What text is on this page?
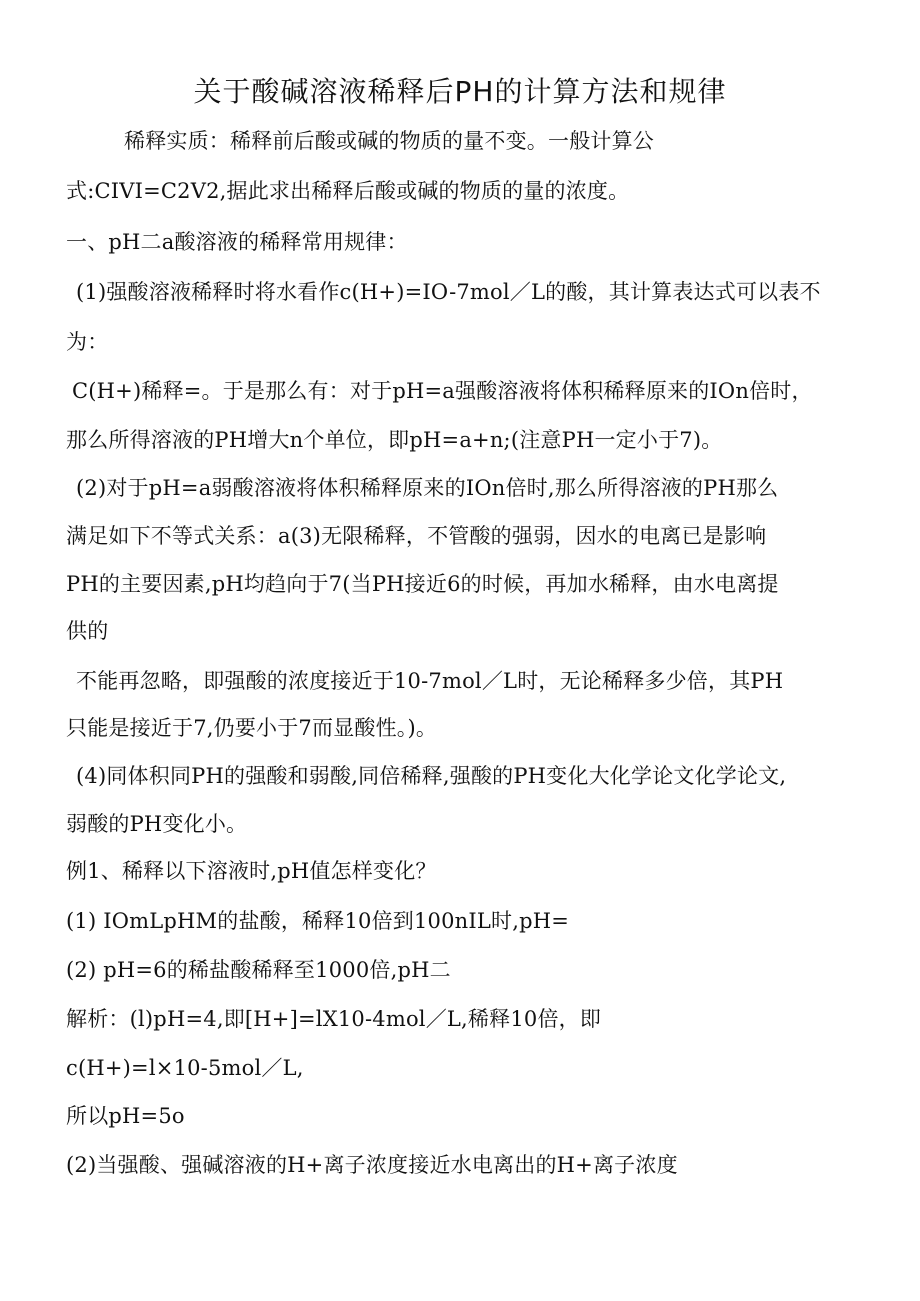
关于酸碱溶液稀释后PH的计算方法和规律
稀释实质：稀释前后酸或碱的物质的量不变。一般计算公
式:CIVI=C2V2,据此求出稀释后酸或碱的物质的量的浓度。
一、pH二a酸溶液的稀释常用规律：
(1)强酸溶液稀释时将水看作c(H+)=IO-7mol／L的酸，其计算表达式可以表不
为：
C(H+)稀释=。于是那么有：对于pH=a强酸溶液将体积稀释原来的IOn倍时，
那么所得溶液的PH增大n个单位，即pH=a+n;(注意PH一定小于7)。
(2)对于pH=a弱酸溶液将体积稀释原来的IOn倍时,那么所得溶液的PH那么
满足如下不等式关系：a(3)无限稀释，不管酸的强弱，因水的电离已是影响
PH的主要因素,pH均趋向于7(当PH接近6的时候，再加水稀释，由水电离提
供的
不能再忽略，即强酸的浓度接近于10-7mol／L时，无论稀释多少倍，其PH
只能是接近于7,仍要小于7而显酸性。)。
(4)同体积同PH的强酸和弱酸,同倍稀释,强酸的PH变化大化学论文化学论文,
弱酸的PH变化小。
例1、稀释以下溶液时,pH值怎样变化？
(1) IOmLpHM的盐酸，稀释10倍到100nIL时,pH=
(2) pH=6的稀盐酸稀释至1000倍,pH二
解析：(l)pH=4,即[H+]=lX10-4mol／L,稀释10倍，即
c(H+)=l×10-5mol／L,
所以pH=5o
(2)当强酸、强碱溶液的H+离子浓度接近水电离出的H+离子浓度
